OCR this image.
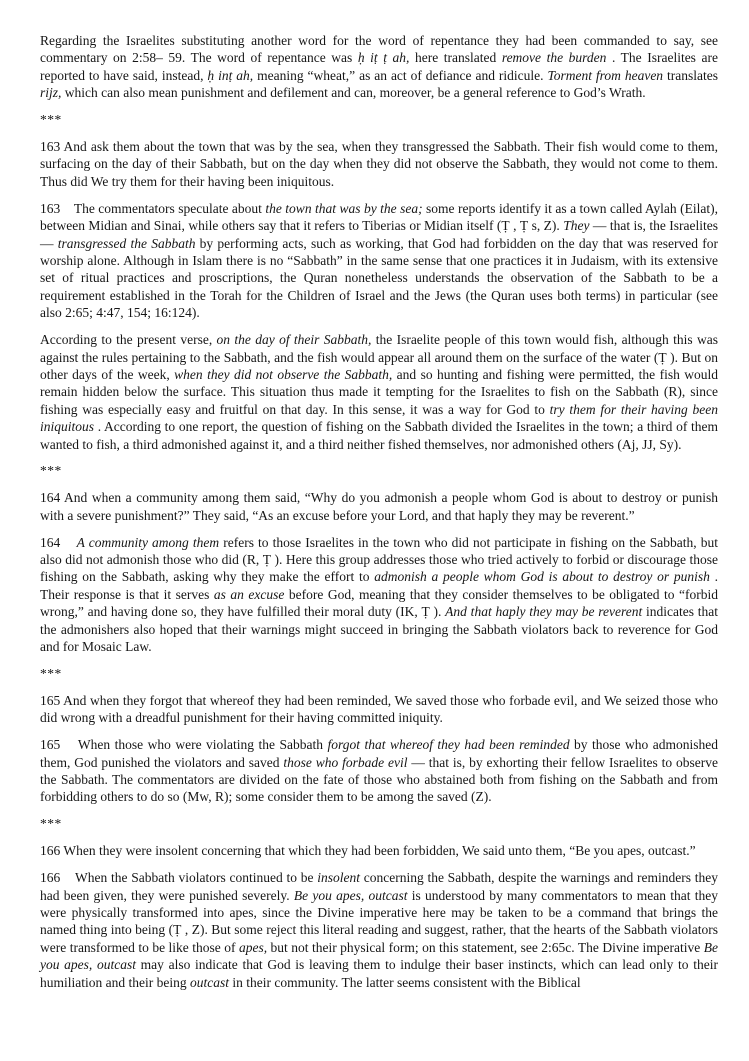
Regarding the Israelites substituting another word for the word of repentance they had been commanded to say, see commentary on 2:58– 59. The word of repentance was ḥ iṭ ṭ ah, here translated remove the burden . The Israelites are reported to have said, instead, ḥ inṭ ah, meaning “wheat,” as an act of defiance and ridicule. Torment from heaven translates rijz, which can also mean punishment and defilement and can, moreover, be a general reference to God’s Wrath.

***

163 And ask them about the town that was by the sea, when they transgressed the Sabbath. Their fish would come to them, surfacing on the day of their Sabbath, but on the day when they did not observe the Sabbath, they would not come to them. Thus did We try them for their having been iniquitous.

163    The commentators speculate about the town that was by the sea; some reports identify it as a town called Aylah (Eilat), between Midian and Sinai, while others say that it refers to Tiberias or Midian itself (Ṭ , Ṭ s, Z). They — that is, the Israelites— transgressed the Sabbath by performing acts, such as working, that God had forbidden on the day that was reserved for worship alone. Although in Islam there is no “Sabbath” in the same sense that one practices it in Judaism, with its extensive set of ritual practices and proscriptions, the Quran nonetheless understands the observation of the Sabbath to be a requirement established in the Torah for the Children of Israel and the Jews (the Quran uses both terms) in particular (see also 2:65; 4:47, 154; 16:124).

According to the present verse, on the day of their Sabbath, the Israelite people of this town would fish, although this was against the rules pertaining to the Sabbath, and the fish would appear all around them on the surface of the water (Ṭ ). But on other days of the week, when they did not observe the Sabbath, and so hunting and fishing were permitted, the fish would remain hidden below the surface. This situation thus made it tempting for the Israelites to fish on the Sabbath (R), since fishing was especially easy and fruitful on that day. In this sense, it was a way for God to try them for their having been iniquitous . According to one report, the question of fishing on the Sabbath divided the Israelites in the town; a third of them wanted to fish, a third admonished against it, and a third neither fished themselves, nor admonished others (Aj, JJ, Sy).

***

164 And when a community among them said, “Why do you admonish a people whom God is about to destroy or punish with a severe punishment?” They said, “As an excuse before your Lord, and that haply they may be reverent.”

164    A community among them refers to those Israelites in the town who did not participate in fishing on the Sabbath, but also did not admonish those who did (R, Ṭ ). Here this group addresses those who tried actively to forbid or discourage those fishing on the Sabbath, asking why they make the effort to admonish a people whom God is about to destroy or punish . Their response is that it serves as an excuse before God, meaning that they consider themselves to be obligated to “forbid wrong,” and having done so, they have fulfilled their moral duty (IK, Ṭ ). And that haply they may be reverent indicates that the admonishers also hoped that their warnings might succeed in bringing the Sabbath violators back to reverence for God and for Mosaic Law.

***

165 And when they forgot that whereof they had been reminded, We saved those who forbade evil, and We seized those who did wrong with a dreadful punishment for their having committed iniquity.

165    When those who were violating the Sabbath forgot that whereof they had been reminded by those who admonished them, God punished the violators and saved those who forbade evil — that is, by exhorting their fellow Israelites to observe the Sabbath. The commentators are divided on the fate of those who abstained both from fishing on the Sabbath and from forbidding others to do so (Mw, R); some consider them to be among the saved (Z).

***

166 When they were insolent concerning that which they had been forbidden, We said unto them, “Be you apes, outcast.”

166    When the Sabbath violators continued to be insolent concerning the Sabbath, despite the warnings and reminders they had been given, they were punished severely. Be you apes, outcast is understood by many commentators to mean that they were physically transformed into apes, since the Divine imperative here may be taken to be a command that brings the named thing into being (Ṭ , Z). But some reject this literal reading and suggest, rather, that the hearts of the Sabbath violators were transformed to be like those of apes, but not their physical form; on this statement, see 2:65c. The Divine imperative Be you apes, outcast may also indicate that God is leaving them to indulge their baser instincts, which can lead only to their humiliation and their being outcast in their community. The latter seems consistent with the Biblical
